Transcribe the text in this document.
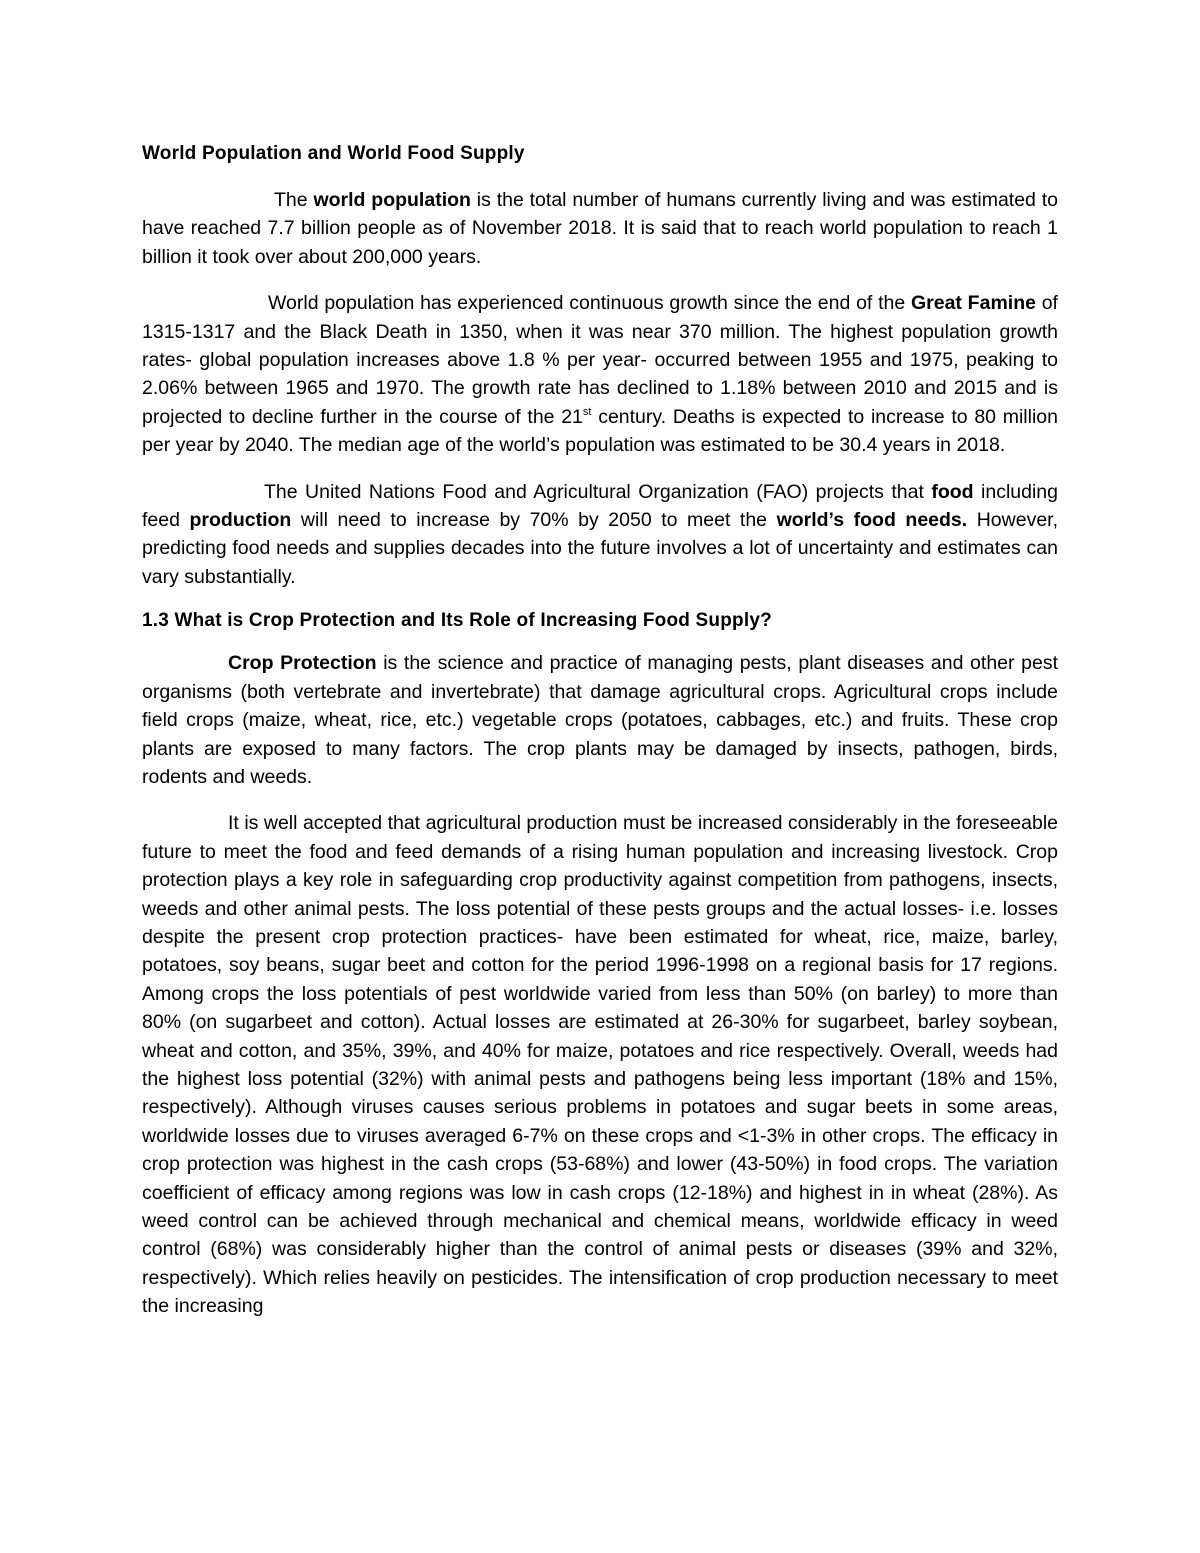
World Population and World Food Supply

The world population is the total number of humans currently living and was estimated to have reached 7.7 billion people as of November 2018. It is said that to reach world population to reach 1 billion it took over about 200,000 years.

World population has experienced continuous growth since the end of the Great Famine of 1315-1317 and the Black Death in 1350, when it was near 370 million. The highest population growth rates- global population increases above 1.8 % per year- occurred between 1955 and 1975, peaking to 2.06% between 1965 and 1970. The growth rate has declined to 1.18% between 2010 and 2015 and is projected to decline further in the course of the 21st century. Deaths is expected to increase to 80 million per year by 2040. The median age of the world’s population was estimated to be 30.4 years in 2018.

The United Nations Food and Agricultural Organization (FAO) projects that food including feed production will need to increase by 70% by 2050 to meet the world’s food needs. However, predicting food needs and supplies decades into the future involves a lot of uncertainty and estimates can vary substantially.

1.3 What is Crop Protection and Its Role of Increasing Food Supply?

Crop Protection is the science and practice of managing pests, plant diseases and other pest organisms (both vertebrate and invertebrate) that damage agricultural crops. Agricultural crops include field crops (maize, wheat, rice, etc.) vegetable crops (potatoes, cabbages, etc.) and fruits. These crop plants are exposed to many factors. The crop plants may be damaged by insects, pathogen, birds, rodents and weeds.

It is well accepted that agricultural production must be increased considerably in the foreseeable future to meet the food and feed demands of a rising human population and increasing livestock. Crop protection plays a key role in safeguarding crop productivity against competition from pathogens, insects, weeds and other animal pests. The loss potential of these pests groups and the actual losses- i.e. losses despite the present crop protection practices- have been estimated for wheat, rice, maize, barley, potatoes, soy beans, sugar beet and cotton for the period 1996-1998 on a regional basis for 17 regions. Among crops the loss potentials of pest worldwide varied from less than 50% (on barley) to more than 80% (on sugarbeet and cotton). Actual losses are estimated at 26-30% for sugarbeet, barley soybean, wheat and cotton, and 35%, 39%, and 40% for maize, potatoes and rice respectively. Overall, weeds had the highest loss potential (32%) with animal pests and pathogens being less important (18% and 15%, respectively). Although viruses causes serious problems in potatoes and sugar beets in some areas, worldwide losses due to viruses averaged 6-7% on these crops and <1-3% in other crops. The efficacy in crop protection was highest in the cash crops (53-68%) and lower (43-50%) in food crops. The variation coefficient of efficacy among regions was low in cash crops (12-18%) and highest in in wheat (28%). As weed control can be achieved through mechanical and chemical means, worldwide efficacy in weed control (68%) was considerably higher than the control of animal pests or diseases (39% and 32%, respectively). Which relies heavily on pesticides. The intensification of crop production necessary to meet the increasing
